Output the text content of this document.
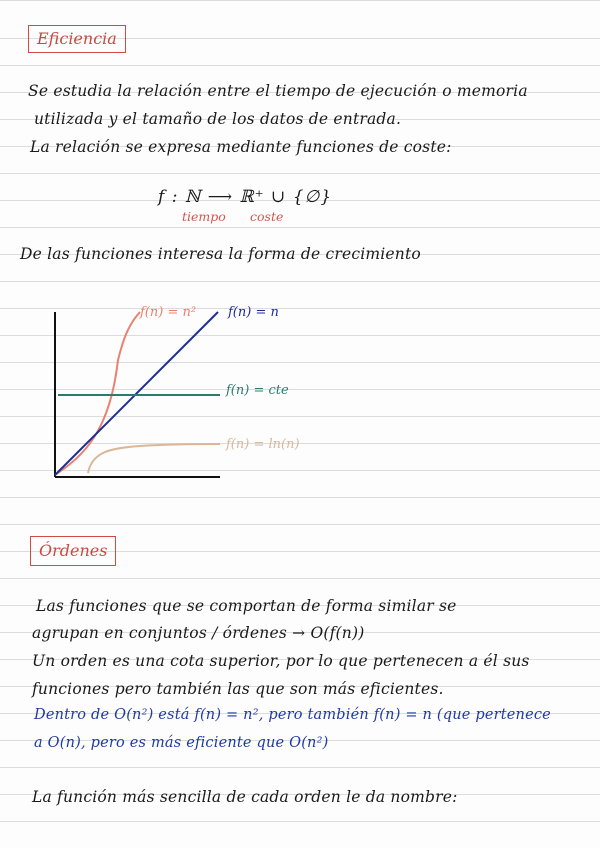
Eficiencia
Se estudia la relación entre el tiempo de ejecución o memoria
utilizada y el tamaño de los datos de entrada.
La relación se expresa mediante funciones de coste:
f : ℕ ⟶ ℝ⁺ ∪ {∅}
tiempo coste
De las funciones interesa la forma de crecimiento
f(n) = n² f(n) = n
f(n) = cte
f(n) = ln(n)
Órdenes
Las funciones que se comportan de forma similar se
agrupan en conjuntos / órdenes → O(f(n))
Un orden es una cota superior, por lo que pertenecen a él sus
funciones pero también las que son más eficientes.
Dentro de O(n²) está f(n) = n², pero también f(n) = n (que pertenece
a O(n), pero es más eficiente que O(n²)
La función más sencilla de cada orden le da nombre:
